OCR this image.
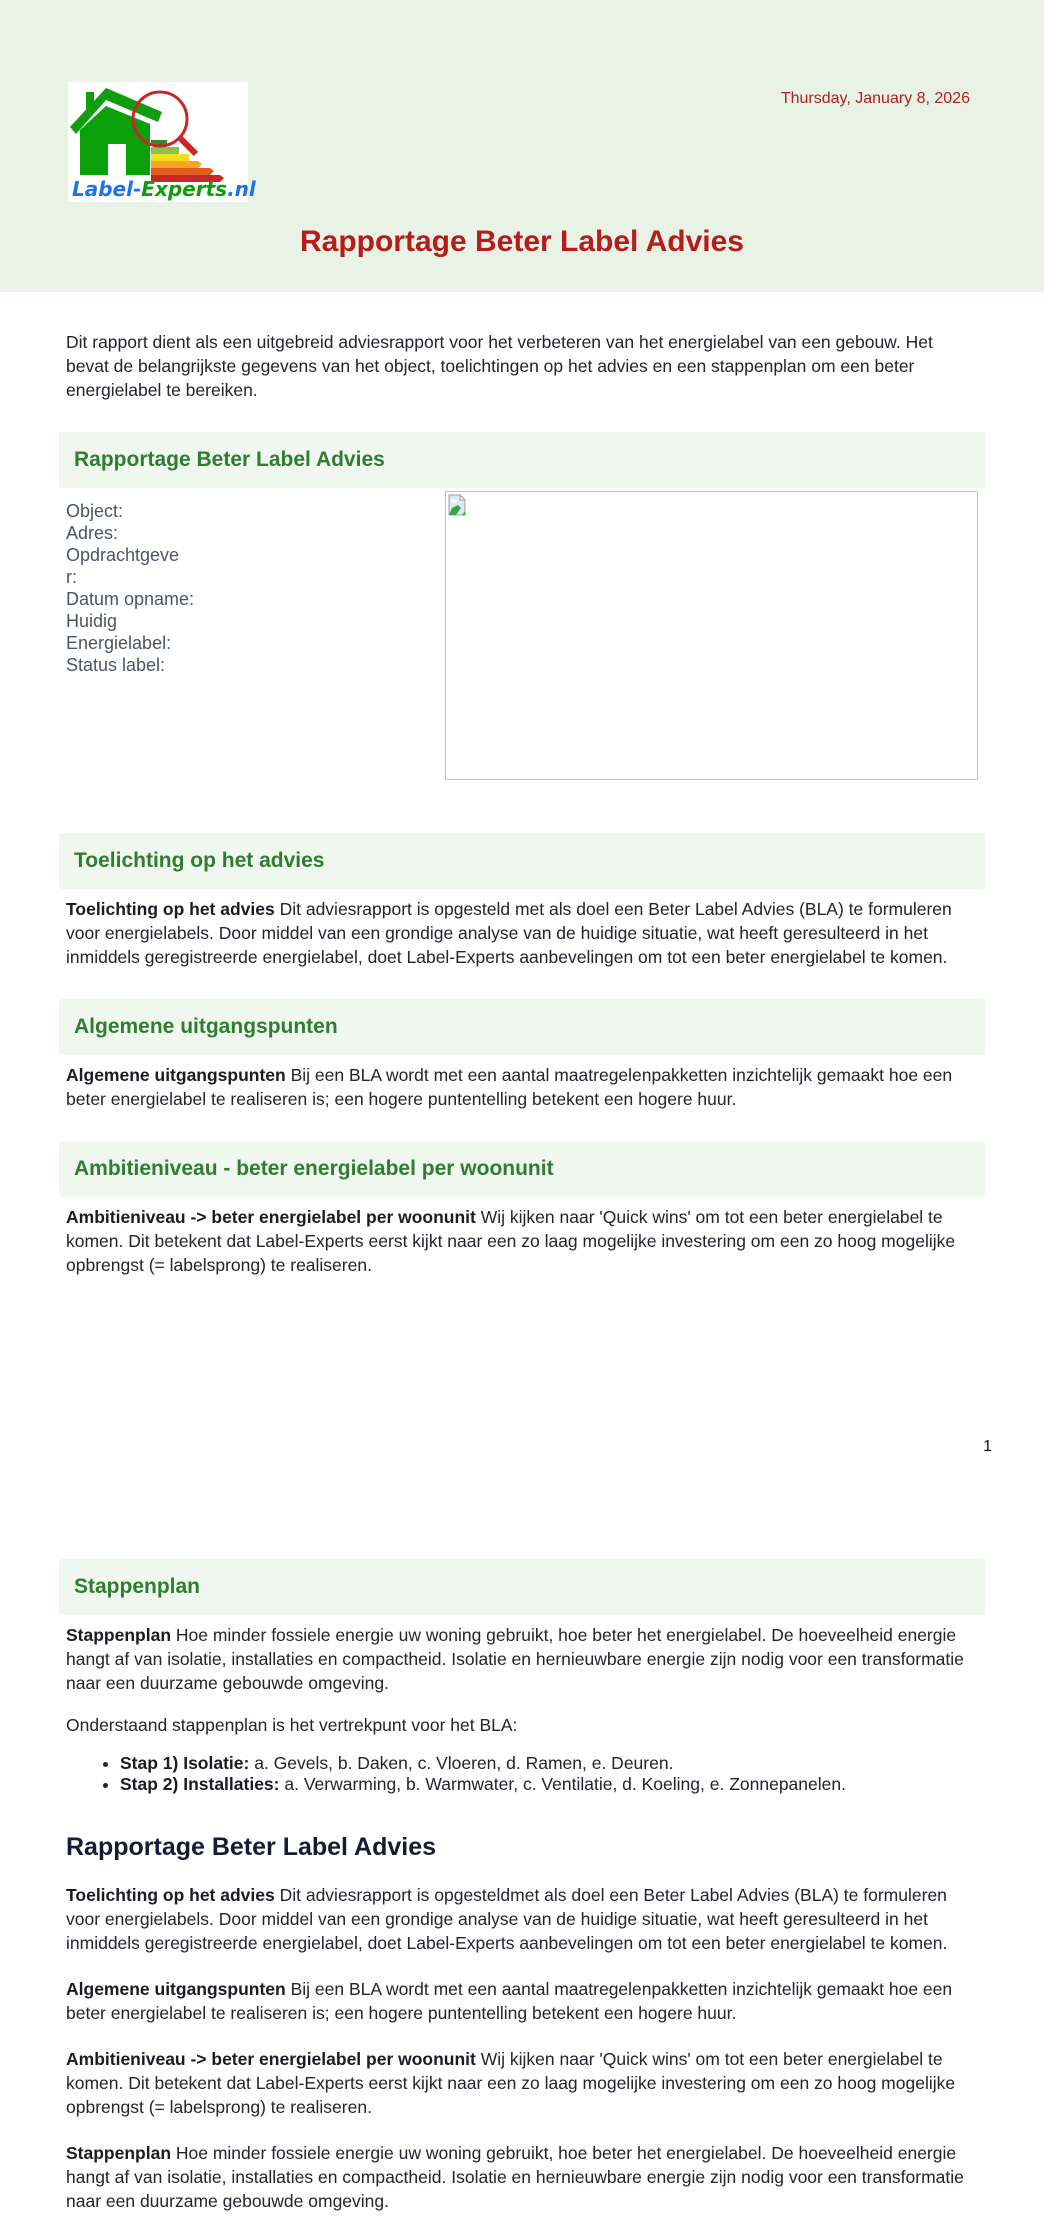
Label-Experts.nl
Thursday, January 8, 2026
Rapportage Beter Label Advies

Dit rapport dient als een uitgebreid adviesrapport voor het verbeteren van het energielabel van een gebouw. Het bevat de belangrijkste gegevens van het object, toelichtingen op het advies en een stappenplan om een beter energielabel te bereiken.

Rapportage Beter Label Advies
Object:
Adres:
Opdrachtgever:
Datum opname:
Huidig Energielabel:
Status label:
Toelichting op het advies

Toelichting op het advies Dit adviesrapport is opgesteld met als doel een Beter Label Advies (BLA) te formuleren voor energielabels. Door middel van een grondige analyse van de huidige situatie, wat heeft geresulteerd in het inmiddels geregistreerde energielabel, doet Label-Experts aanbevelingen om tot een beter energielabel te komen.

Algemene uitgangspunten

Algemene uitgangspunten Bij een BLA wordt met een aantal maatregelenpakketten inzichtelijk gemaakt hoe een beter energielabel te realiseren is; een hogere puntentelling betekent een hogere huur.

Ambitieniveau - beter energielabel per woonunit

Ambitieniveau -> beter energielabel per woonunit Wij kijken naar 'Quick wins' om tot een beter energielabel te komen. Dit betekent dat Label-Experts eerst kijkt naar een zo laag mogelijke investering om een zo hoog mogelijke opbrengst (= labelsprong) te realiseren.

1
Stappenplan

Stappenplan Hoe minder fossiele energie uw woning gebruikt, hoe beter het energielabel. De hoeveelheid energie hangt af van isolatie, installaties en compactheid. Isolatie en hernieuwbare energie zijn nodig voor een transformatie naar een duurzame gebouwde omgeving.

Onderstaand stappenplan is het vertrekpunt voor het BLA:

• Stap 1) Isolatie: a. Gevels, b. Daken, c. Vloeren, d. Ramen, e. Deuren.
• Stap 2) Installaties: a. Verwarming, b. Warmwater, c. Ventilatie, d. Koeling, e. Zonnepanelen.
Rapportage Beter Label Advies

Toelichting op het advies Dit adviesrapport is opgesteldmet als doel een Beter Label Advies (BLA) te formuleren voor energielabels. Door middel van een grondige analyse van de huidige situatie, wat heeft geresulteerd in het inmiddels geregistreerde energielabel, doet Label-Experts aanbevelingen om tot een beter energielabel te komen.

Algemene uitgangspunten Bij een BLA wordt met een aantal maatregelenpakketten inzichtelijk gemaakt hoe een beter energielabel te realiseren is; een hogere puntentelling betekent een hogere huur.

Ambitieniveau -> beter energielabel per woonunit Wij kijken naar 'Quick wins' om tot een beter energielabel te komen. Dit betekent dat Label-Experts eerst kijkt naar een zo laag mogelijke investering om een zo hoog mogelijke opbrengst (= labelsprong) te realiseren.

Stappenplan Hoe minder fossiele energie uw woning gebruikt, hoe beter het energielabel. De hoeveelheid energie hangt af van isolatie, installaties en compactheid. Isolatie en hernieuwbare energie zijn nodig voor een transformatie naar een duurzame gebouwde omgeving.
